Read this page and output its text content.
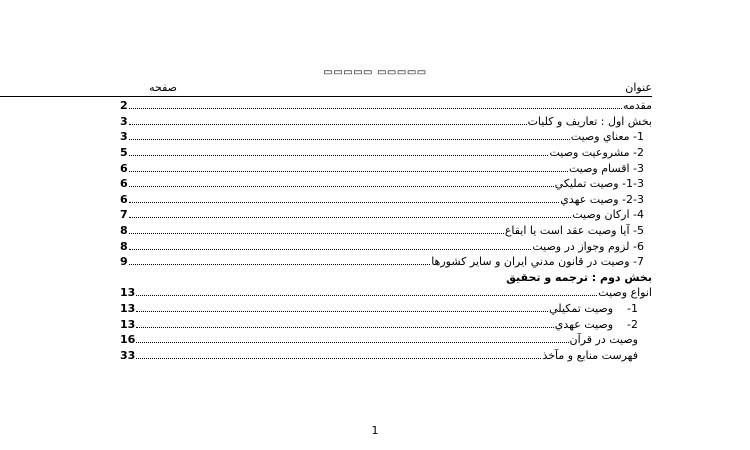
▭▭▭▭▭ ▭▭▭▭▭
عنوان
صفحه
مقدمه
2
بخش اول : تعاريف و كليات
3
1- معناي وصيت
3
2- مشروعيت وصيت
5
3- اقسام وصيت
6
1-3- وصيت تمليكي
6
2-3- وصيت عهدي
6
4- اركان وصيت
7
5- آيا وصيت عقد است يا ايقاع
8
6- لزوم وجواز در وصيت
8
7- وصيت در قانون مدني ايران و ساير كشورها
9
بخش دوم : ترجمه و تحقيق
انواع وصيت
13
1-    وصيت تمكيلي
13
2-    وصيت عهدي
13
وصيت در قرآن
16
فهرست منابع و مآخذ
33
1
